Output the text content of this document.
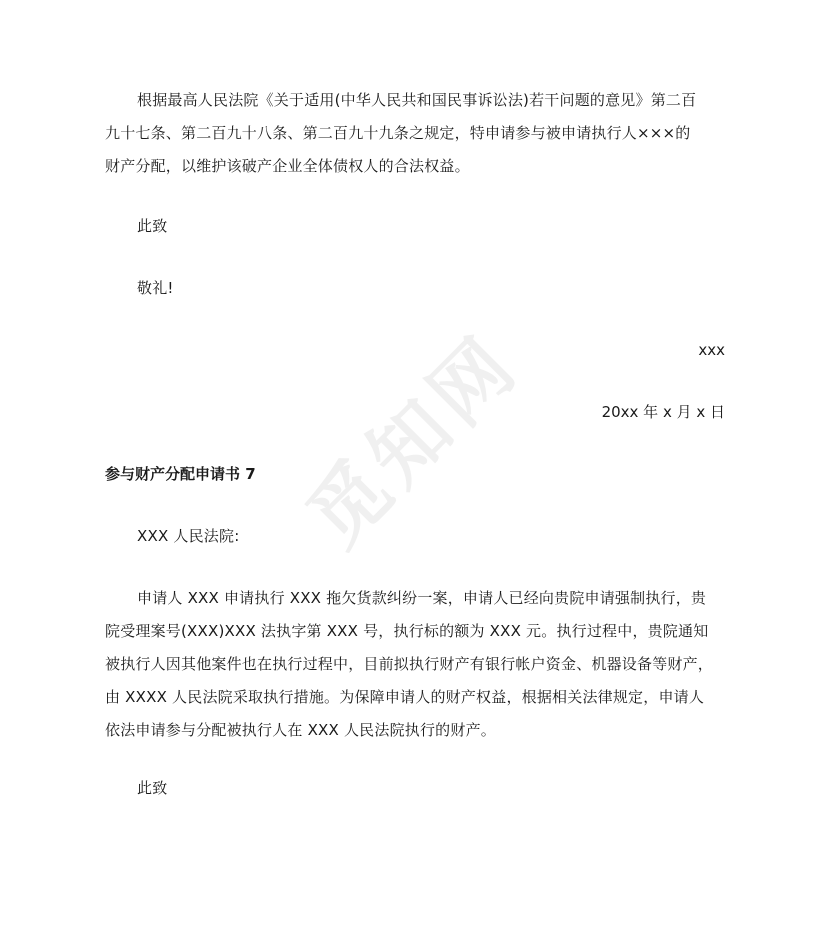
觅知网

根据最高人民法院《关于适用(中华人民共和国民事诉讼法)若干问题的意见》第二百
九十七条、第二百九十八条、第二百九十九条之规定，特申请参与被申请执行人×××的
财产分配，以维护该破产企业全体债权人的合法权益。

此致

敬礼!

xxx

20xx 年 x 月 x 日

参与财产分配申请书 7

XXX 人民法院:

申请人 XXX 申请执行 XXX 拖欠货款纠纷一案，申请人已经向贵院申请强制执行，贵
院受理案号(XXX)XXX 法执字第 XXX 号，执行标的额为 XXX 元。执行过程中，贵院通知
被执行人因其他案件也在执行过程中，目前拟执行财产有银行帐户资金、机器设备等财产，
由 XXXX 人民法院采取执行措施。为保障申请人的财产权益，根据相关法律规定，申请人
依法申请参与分配被执行人在 XXX 人民法院执行的财产。

此致
